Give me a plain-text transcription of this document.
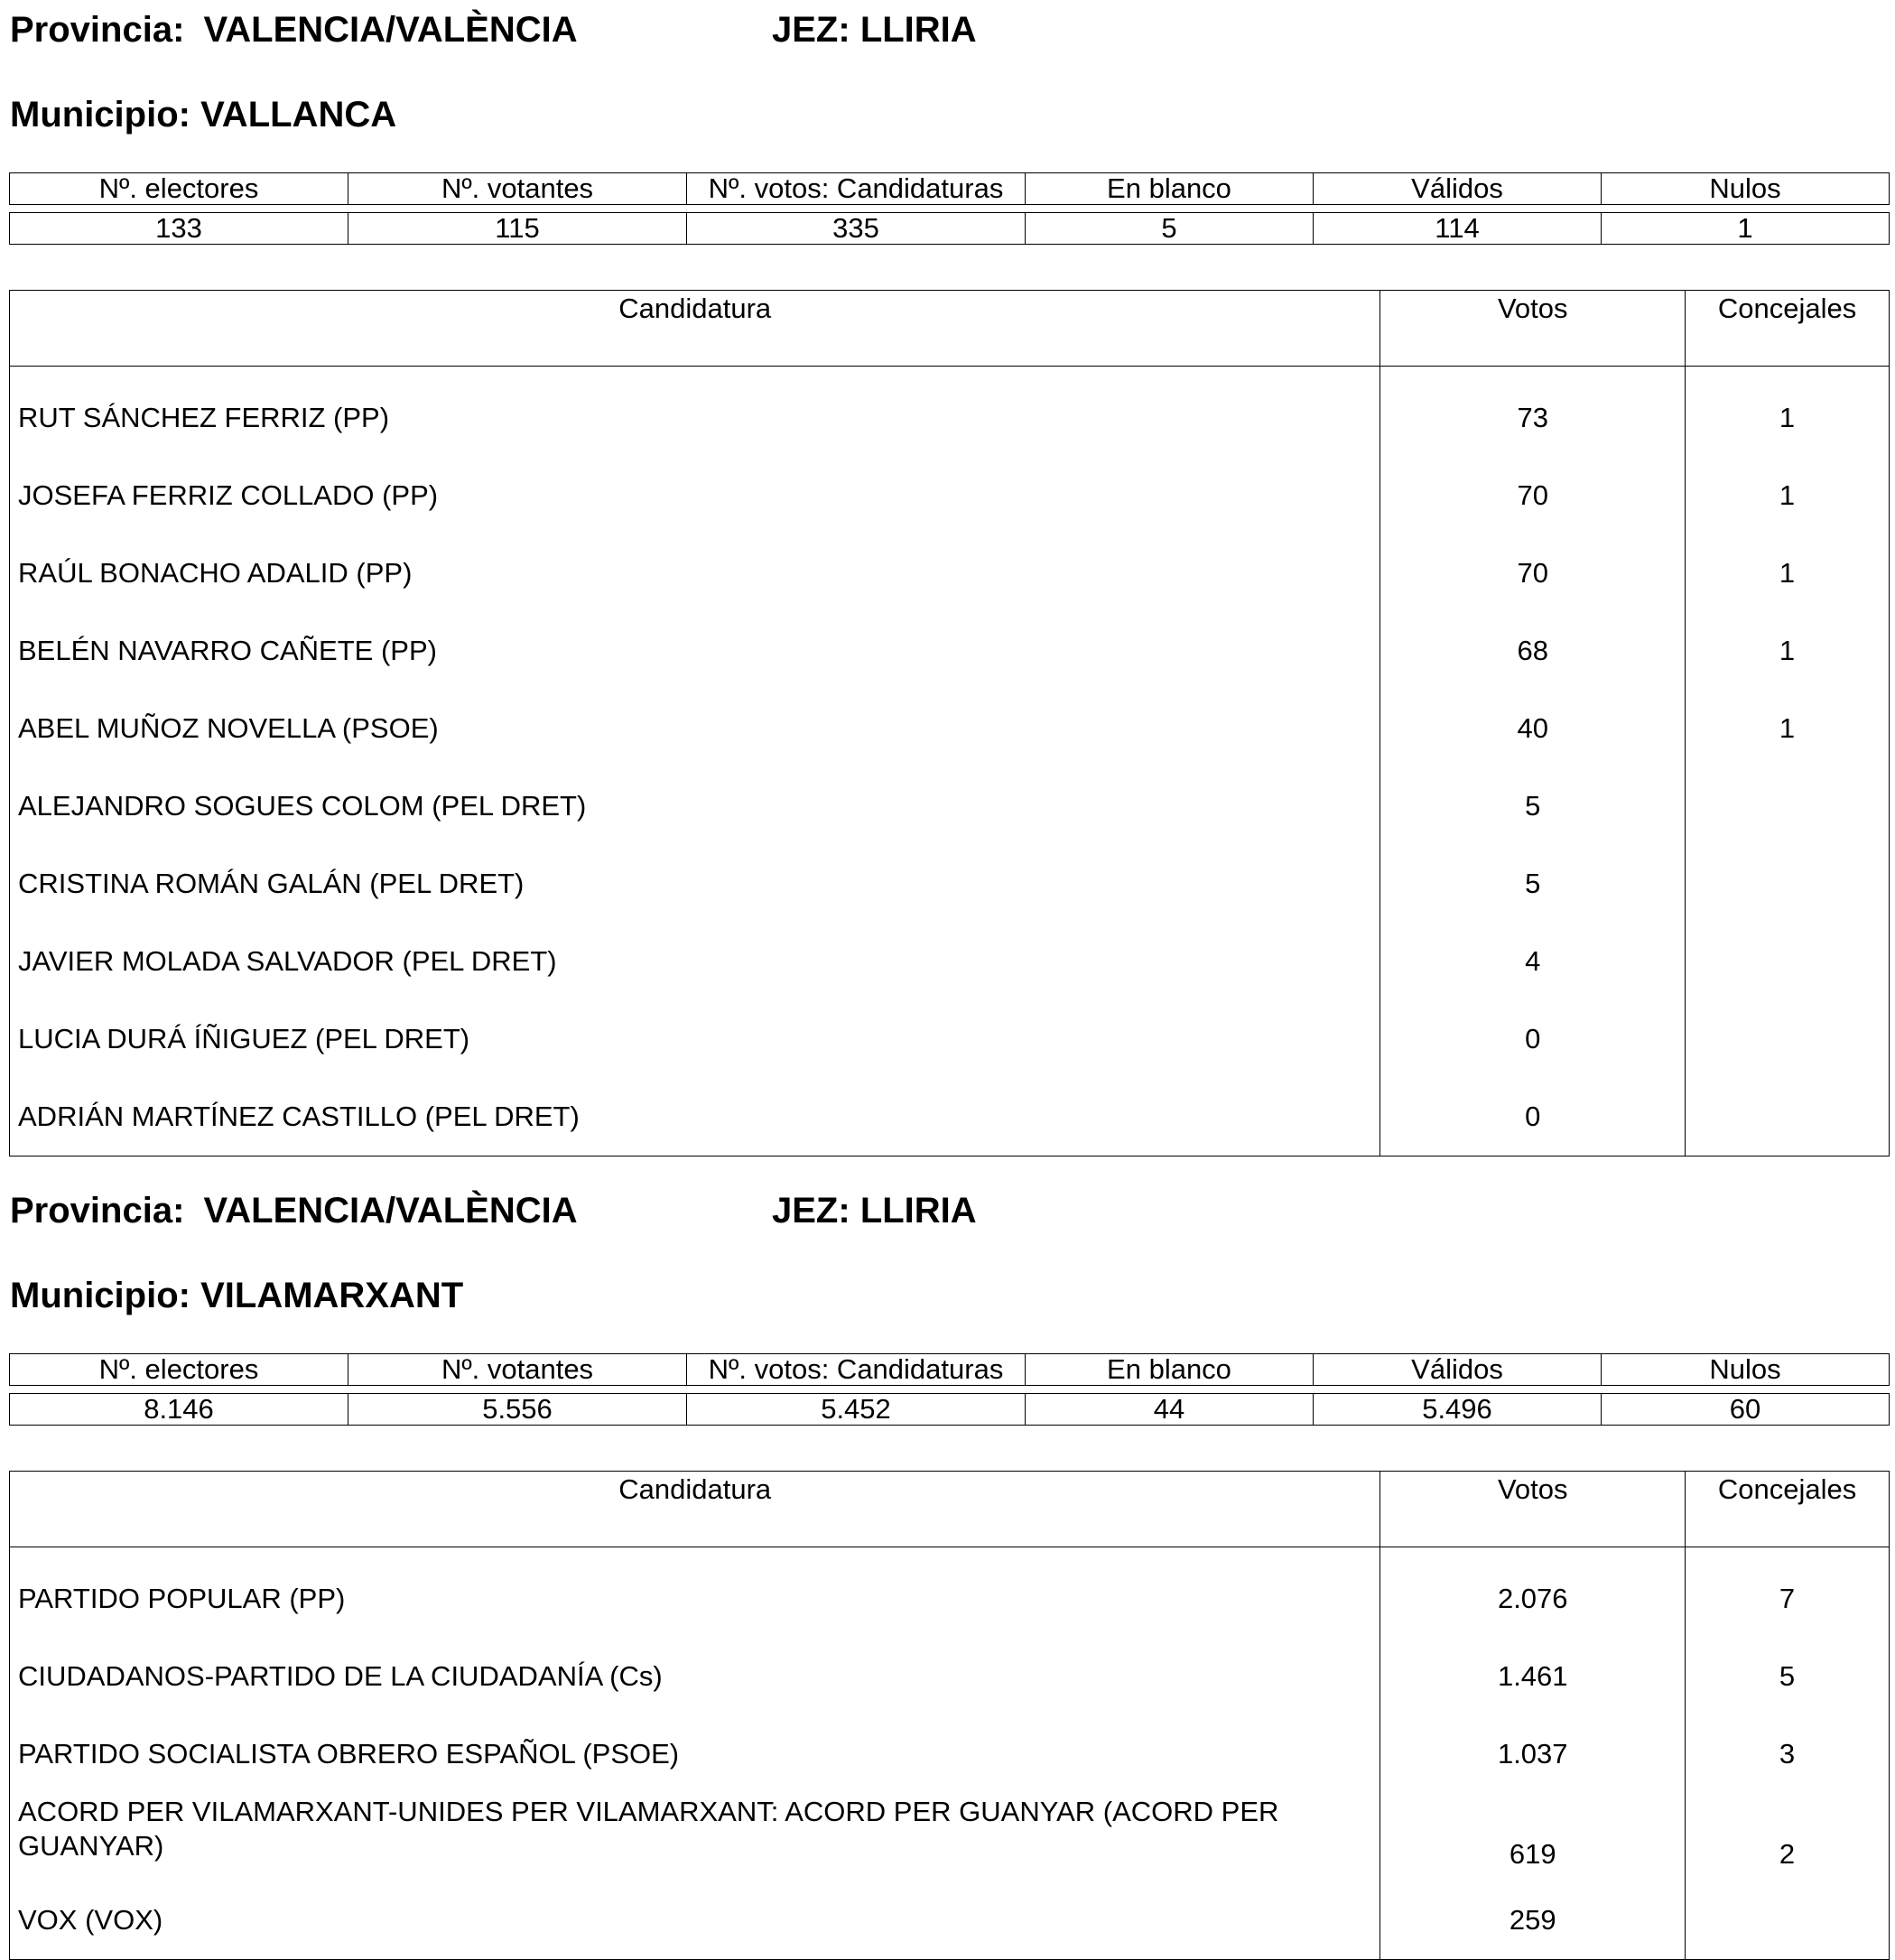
Provincia: VALENCIA/VALÈNCIA	JEZ: LLIRIA
Municipio: VALLANCA
Nº. electores	Nº. votantes	Nº. votos: Candidaturas	En blanco	Válidos	Nulos
133	115	335	5	114	1
Candidatura	Votos	Concejales
RUT SÁNCHEZ FERRIZ (PP)	73	1
JOSEFA FERRIZ COLLADO (PP)	70	1
RAÚL BONACHO ADALID (PP)	70	1
BELÉN NAVARRO CAÑETE (PP)	68	1
ABEL MUÑOZ NOVELLA (PSOE)	40	1
ALEJANDRO SOGUES COLOM (PEL DRET)	5	
CRISTINA ROMÁN GALÁN (PEL DRET)	5	
JAVIER MOLADA SALVADOR (PEL DRET)	4	
LUCIA DURÁ ÍÑIGUEZ (PEL DRET)	0	
ADRIÁN MARTÍNEZ CASTILLO (PEL DRET)	0	
Provincia: VALENCIA/VALÈNCIA	JEZ: LLIRIA
Municipio: VILAMARXANT
Nº. electores	Nº. votantes	Nº. votos: Candidaturas	En blanco	Válidos	Nulos
8.146	5.556	5.452	44	5.496	60
Candidatura	Votos	Concejales
PARTIDO POPULAR (PP)	2.076	7
CIUDADANOS-PARTIDO DE LA CIUDADANÍA (Cs)	1.461	5
PARTIDO SOCIALISTA OBRERO ESPAÑOL (PSOE)	1.037	3
ACORD PER VILAMARXANT-UNIDES PER VILAMARXANT: ACORD PER GUANYAR (ACORD PER GUANYAR)	619	2
VOX (VOX)	259	
